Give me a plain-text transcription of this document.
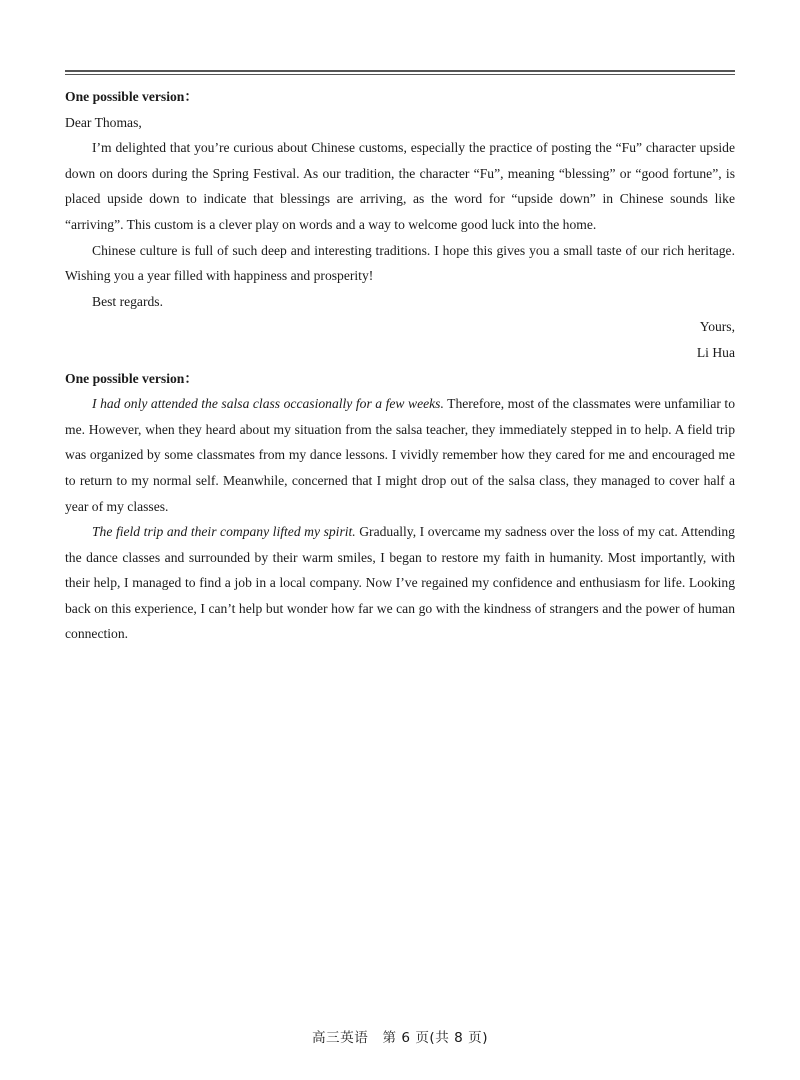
One possible version：

Dear Thomas,

I’m delighted that you’re curious about Chinese customs, especially the practice of posting the “Fu” character upside down on doors during the Spring Festival. As our tradition, the character “Fu”, meaning “blessing” or “good fortune”, is placed upside down to indicate that blessings are arriving, as the word for “upside down” in Chinese sounds like “arriving”. This custom is a clever play on words and a way to welcome good luck into the home.

Chinese culture is full of such deep and interesting traditions. I hope this gives you a small taste of our rich heritage. Wishing you a year filled with happiness and prosperity!

Best regards.

Yours,

Li Hua

One possible version：

I had only attended the salsa class occasionally for a few weeks. Therefore, most of the classmates were unfamiliar to me. However, when they heard about my situation from the salsa teacher, they immediately stepped in to help. A field trip was organized by some classmates from my dance lessons. I vividly remember how they cared for me and encouraged me to return to my normal self. Meanwhile, concerned that I might drop out of the salsa class, they managed to cover half a year of my classes.

The field trip and their company lifted my spirit. Gradually, I overcame my sadness over the loss of my cat. Attending the dance classes and surrounded by their warm smiles, I began to restore my faith in humanity. Most importantly, with their help, I managed to find a job in a local company. Now I’ve regained my confidence and enthusiasm for life. Looking back on this experience, I can’t help but wonder how far we can go with the kindness of strangers and the power of human connection.

高三英语　第 6 页(共 8 页)
